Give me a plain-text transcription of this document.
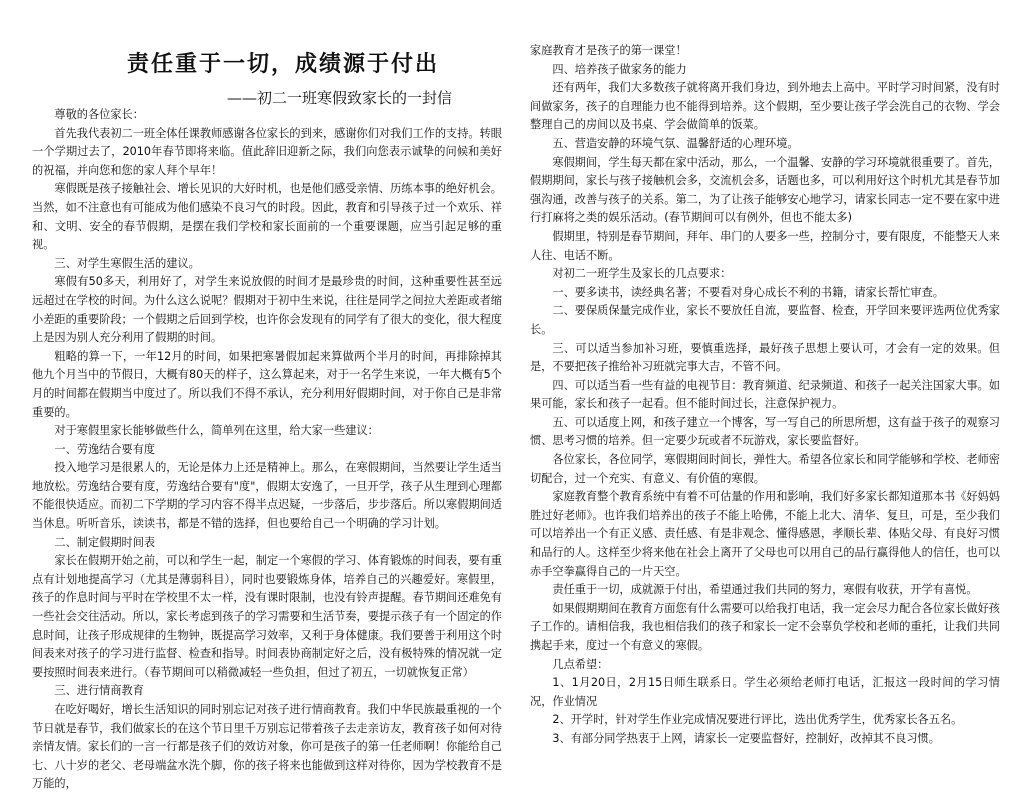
责任重于一切，成绩源于付出
——初二一班寒假致家长的一封信

尊敬的各位家长：

首先我代表初二一班全体任课教师感谢各位家长的到来，感谢你们对我们工作的支持。转眼一个学期过去了，2010年春节即将来临。值此辞旧迎新之际，我们向您表示诚挚的问候和美好的祝福，并向您和您的家人拜个早年！

寒假既是孩子接触社会、增长见识的大好时机，也是他们感受亲情、历练本事的绝好机会。当然，如不注意也有可能成为他们感染不良习气的时段。因此，教育和引导孩子过一个欢乐、祥和、文明、安全的春节假期，是摆在我们学校和家长面前的一个重要课题，应当引起足够的重视。

三、对学生寒假生活的建议。

寒假有50多天，利用好了，对学生来说放假的时间才是最珍贵的时间，这种重要性甚至远远超过在学校的时间。为什么这么说呢？假期对于初中生来说，往往是同学之间拉大差距或者缩小差距的重要阶段；一个假期之后回到学校，也许你会发现有的同学有了很大的变化，很大程度上是因为别人充分利用了假期的时间。

粗略的算一下，一年12月的时间，如果把寒暑假加起来算做两个半月的时间，再排除掉其他九个月当中的节假日，大概有80天的样子，这么算起来，对于一名学生来说，一年大概有5个月的时间都在假期当中度过了。所以我们不得不承认，充分利用好假期时间，对于你自己是非常重要的。

对于寒假里家长能够做些什么，简单列在这里，给大家一些建议：

一、劳逸结合要有度

投入地学习是很累人的，无论是体力上还是精神上。那么，在寒假期间，当然要让学生适当地放松。劳逸结合要有度，劳逸结合要有"度"，假期太安逸了，一旦开学，孩子从生理到心理都不能很快适应。而初二下学期的学习内容不得半点迟疑，一步落后，步步落后。所以寒假期间适当休息。听听音乐，读读书，都是不错的选择，但也要给自己一个明确的学习计划。

二、制定假期时间表

家长在假期开始之前，可以和学生一起，制定一个寒假的学习、体育锻炼的时间表，要有重点有计划地提高学习（尤其是薄弱科目），同时也要锻炼身体，培养自己的兴趣爱好。寒假里，孩子的作息时间与平时在学校里不太一样，没有课时限制，也没有铃声提醒。春节期间还难免有一些社会交往活动。所以，家长考虑到孩子的学习需要和生活节奏，要提示孩子有一个固定的作息时间，让孩子形成规律的生物钟，既提高学习效率，又利于身体健康。我们要善于利用这个时间表来对孩子的学习进行监督、检查和指导。时间表协商制定好之后，没有极特殊的情况就一定要按照时间表来进行。（春节期间可以稍微减轻一些负担，但过了初五，一切就恢复正常）

三、进行情商教育

在吃好喝好，增长生活知识的同时别忘记对孩子进行情商教育。我们中华民族最重视的一个节日就是春节，我们做家长的在这个节日里千万别忘记带着孩子去走亲访友，教育孩子如何对待亲情友情。家长们的一言一行都是孩子们的效访对象，你可是孩子的第一任老师啊！你能给自己七、八十岁的老父、老母端盆水洗个脚，你的孩子将来也能做到这样对待你，因为学校教育不是万能的，

家庭教育才是孩子的第一课堂！

四、培养孩子做家务的能力

还有两年，我们大多数孩子就将离开我们身边，到外地去上高中。平时学习时间紧，没有时间做家务，孩子的自理能力也不能得到培养。这个假期，至少要让孩子学会洗自己的衣物、学会整理自己的房间以及书桌、学会做简单的饭菜。

五、营造安静的环境气氛、温馨舒适的心理环境。

寒假期间，学生每天都在家中活动，那么，一个温馨、安静的学习环境就很重要了。首先，假期期间，家长与孩子接触机会多，交流机会多，话题也多，可以利用好这个时机尤其是春节加强沟通，改善与孩子的关系。第二，为了让孩子能够安心地学习，请家长同志一定不要在家中进行打麻将之类的娱乐活动。(春节期间可以有例外，但也不能太多)

假期里，特别是春节期间，拜年、串门的人要多一些，控制分寸，要有限度，不能整天人来人往、电话不断。

对初二一班学生及家长的几点要求：

一、要多读书，读经典名著；不要看对身心成长不利的书籍，请家长帮忙审查。

二、要保质保量完成作业，家长不要放任自流，要监督、检查，开学回来要评选两位优秀家长。

三、可以适当参加补习班，要慎重选择，最好孩子思想上要认可，才会有一定的效果。但是，不要把孩子推给补习班就完事大吉，不管不问。

四、可以适当看一些有益的电视节目：教育频道、纪录频道、和孩子一起关注国家大事。如果可能，家长和孩子一起看。但不能时间过长，注意保护视力。

五、可以适度上网，和孩子建立一个博客，写一写自己的所思所想，这有益于孩子的观察习惯、思考习惯的培养。但一定要少玩或者不玩游戏，家长要监督好。

各位家长，各位同学，寒假期间时间长，弹性大。希望各位家长和同学能够和学校、老师密切配合，过一个充实、有意义、有价值的寒假。

家庭教育整个教育系统中有着不可估量的作用和影响，我们好多家长都知道那本书《好妈妈胜过好老师》。也许我们培养出的孩子不能上哈佛，不能上北大、清华、复旦，可是，至少我们可以培养出一个有正义感、责任感、有是非观念、懂得感恩，孝顺长辈、体贴父母、有良好习惯和品行的人。这样至少将来他在社会上离开了父母也可以用自己的品行赢得他人的信任，也可以赤手空拳赢得自己的一片天空。

责任重于一切，成就源于付出，希望通过我们共同的努力，寒假有收获，开学有喜悦。

如果假期期间在教育方面您有什么需要可以给我打电话，我一定会尽力配合各位家长做好孩子工作的。请相信我，我也相信我们的孩子和家长一定不会辜负学校和老师的重托，让我们共同携起手来，度过一个有意义的寒假。

几点希望：

1、1月20日，2月15日师生联系日。学生必须给老师打电话，汇报这一段时间的学习情况，作业情况

2、开学时，针对学生作业完成情况要进行评比，选出优秀学生，优秀家长各五名。

3、有部分同学热衷于上网，请家长一定要监督好，控制好，改掉其不良习惯。
